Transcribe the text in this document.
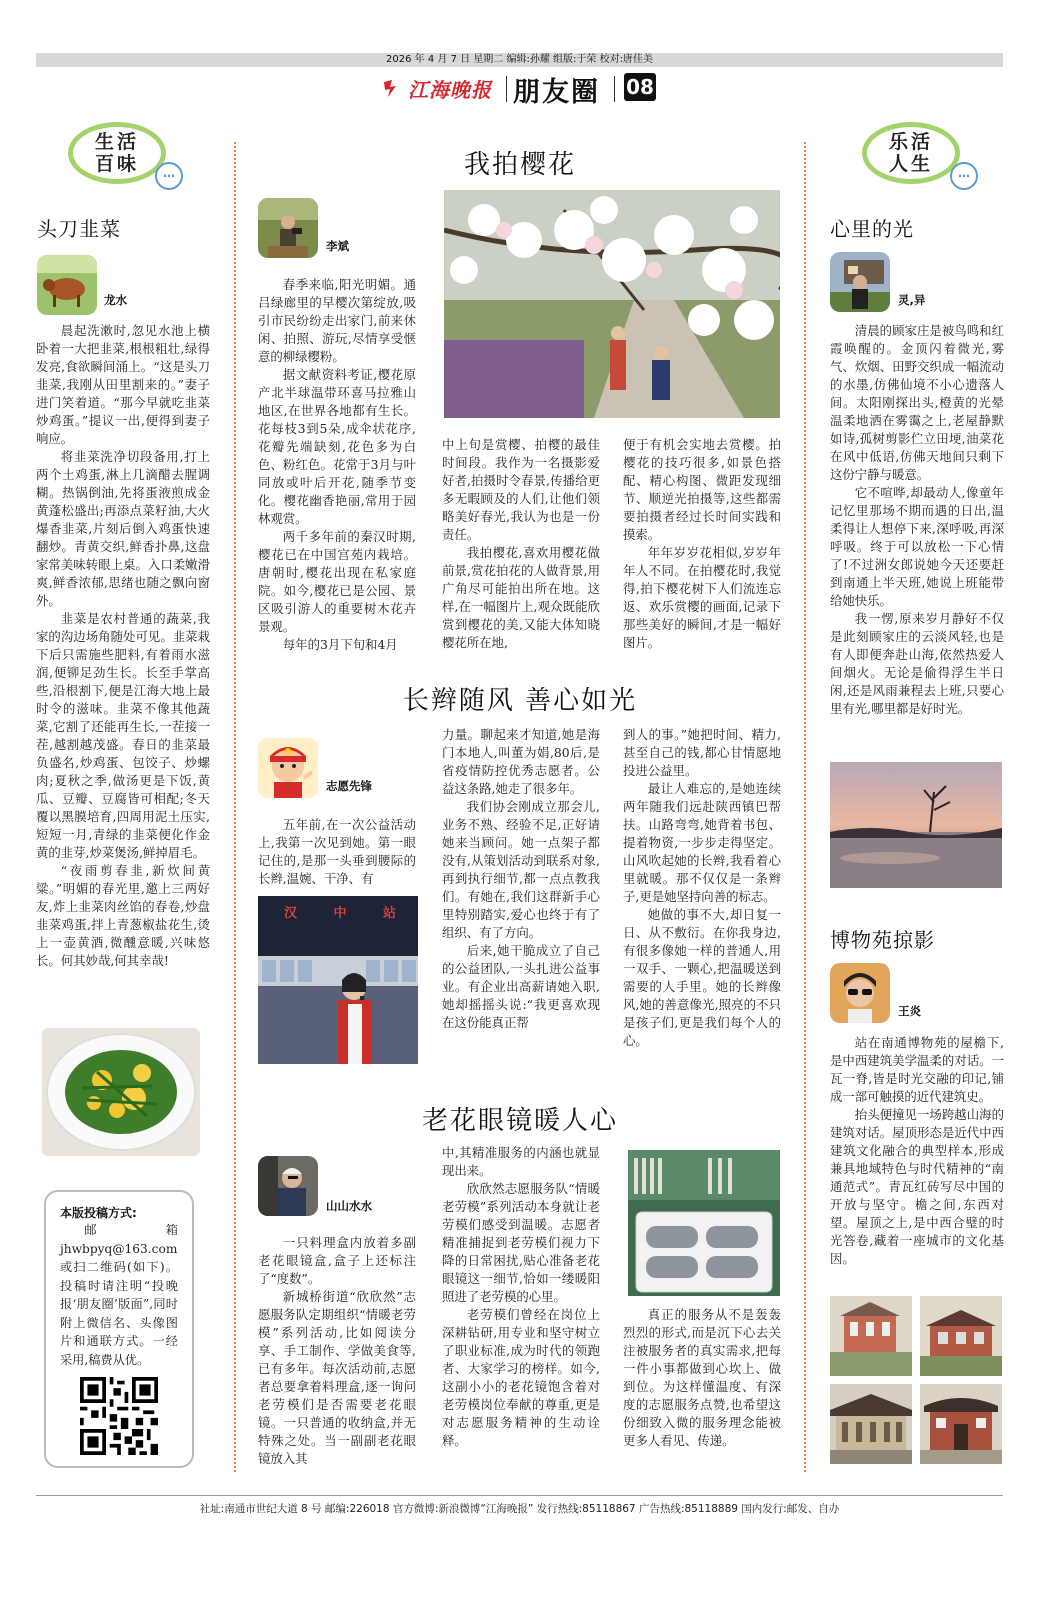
2026 年 4 月 7 日 星期二 编辑:孙耀 组版:于荣 校对:唐佳美
江海晚报 朋友圈 08
生活
百味	…
头刀韭菜
龙水

晨起洗漱时,忽见水池上横卧着一大把韭菜,根根粗壮,绿得发亮,食欲瞬间涌上。“这是头刀韭菜,我刚从田里割来的。”妻子进门笑着道。“那今早就吃韭菜炒鸡蛋。”提议一出,便得到妻子响应。

将韭菜洗净切段备用,打上两个土鸡蛋,淋上几滴醋去腥调糊。热锅倒油,先将蛋液煎成金黄蓬松盛出;再添点菜籽油,大火爆香韭菜,片刻后倒入鸡蛋快速翻炒。青黄交织,鲜香扑鼻,这盘家常美味转眼上桌。入口柔嫩滑爽,鲜香浓郁,思绪也随之飘向窗外。

韭菜是农村普通的蔬菜,我家的沟边场角随处可见。韭菜栽下后只需施些肥料,有着雨水滋润,便铆足劲生长。长至手掌高些,沿根割下,便是江海大地上最时令的滋味。韭菜不像其他蔬菜,它割了还能再生长,一茬接一茬,越割越茂盛。春日的韭菜最负盛名,炒鸡蛋、包饺子、炒螺肉;夏秋之季,做汤更是下饭,黄瓜、豆瓣、豆腐皆可相配;冬天覆以黑膜培育,四周用泥土压实,短短一月,青绿的韭菜便化作金黄的韭芽,炒菜煲汤,鲜掉眉毛。

“夜雨剪春韭,新炊间黄粱。”明媚的春光里,邀上三两好友,炸上韭菜肉丝馅的春卷,炒盘韭菜鸡蛋,拌上青葱椒盐花生,烫上一壶黄酒,微醺意暖,兴味悠长。何其妙哉,何其幸哉!

本版投稿方式:
邮箱 jhwbpyq@163.com 或扫二维码(如下)。投稿时请注明“投晚报‘朋友圈’版面”,同时附上微信名、头像图片和通联方式。一经采用,稿费从优。
我拍樱花
李斌

春季来临,阳光明媚。通吕绿廊里的早樱次第绽放,吸引市民纷纷走出家门,前来休闲、拍照、游玩,尽情享受惬意的柳绿樱粉。

据文献资料考证,樱花原产北半球温带环喜马拉雅山地区,在世界各地都有生长。花每枝3到5朵,成伞状花序,花瓣先端缺刻,花色多为白色、粉红色。花常于3月与叶同放或叶后开花,随季节变化。樱花幽香艳丽,常用于园林观赏。

两千多年前的秦汉时期,樱花已在中国宫苑内栽培。唐朝时,樱花出现在私家庭院。如今,樱花已是公园、景区吸引游人的重要树木花卉景观。

每年的3月下旬和4月

中上旬是赏樱、拍樱的最佳时间段。我作为一名摄影爱好者,拍摄时令春景,传播给更多无暇顾及的人们,让他们领略美好春光,我认为也是一份责任。

我拍樱花,喜欢用樱花做前景,赏花拍花的人做背景,用广角尽可能拍出所在地。这样,在一幅图片上,观众既能欣赏到樱花的美,又能大体知晓樱花所在地,

便于有机会实地去赏樱。拍樱花的技巧很多,如景色搭配、精心构图、微距发现细节、顺逆光拍摄等,这些都需要拍摄者经过长时间实践和摸索。

年年岁岁花相似,岁岁年年人不同。在拍樱花时,我觉得,拍下樱花树下人们流连忘返、欢乐赏樱的画面,记录下那些美好的瞬间,才是一幅好图片。

长辫随风 善心如光
志愿先锋

五年前,在一次公益活动上,我第一次见到她。第一眼记住的,是那一头垂到腰际的长辫,温婉、干净、有

汉 中 站

力量。聊起来才知道,她是海门本地人,叫董为娟,80后,是省疫情防控优秀志愿者。公益这条路,她走了很多年。

我们协会刚成立那会儿,业务不熟、经验不足,正好请她来当顾问。她一点架子都没有,从策划活动到联系对象,再到执行细节,都一点点教我们。有她在,我们这群新手心里特别踏实,爱心也终于有了组织、有了方向。

后来,她干脆成立了自己的公益团队,一头扎进公益事业。有企业出高薪请她入职,她却摇摇头说:“我更喜欢现在这份能真正帮

到人的事。”她把时间、精力,甚至自己的钱,都心甘情愿地投进公益里。

最让人难忘的,是她连续两年随我们远赴陕西镇巴帮扶。山路弯弯,她背着书包、提着物资,一步步走得坚定。山风吹起她的长辫,我看着心里就暖。那不仅仅是一条辫子,更是她坚持向善的标志。

她做的事不大,却日复一日、从不敷衍。在你我身边,有很多像她一样的普通人,用一双手、一颗心,把温暖送到需要的人手里。她的长辫像风,她的善意像光,照亮的不只是孩子们,更是我们每个人的心。

老花眼镜暖人心
山山水水

一只料理盒内放着多副老花眼镜盒,盒子上还标注了“度数”。

新城桥街道“欣欣然”志愿服务队定期组织“情暖老劳模”系列活动,比如阅读分享、手工制作、学做美食等,已有多年。每次活动前,志愿者总要拿着料理盒,逐一询问老劳模们是否需要老花眼镜。一只普通的收纳盒,并无特殊之处。当一副副老花眼镜放入其

中,其精准服务的内涵也就显现出来。

欣欣然志愿服务队“情暖老劳模”系列活动本身就让老劳模们感受到温暖。志愿者精准捕捉到老劳模们视力下降的日常困扰,贴心准备老花眼镜这一细节,恰如一缕暖阳照进了老劳模的心里。

老劳模们曾经在岗位上深耕钻研,用专业和坚守树立了职业标准,成为时代的领跑者、大家学习的榜样。如今,这副小小的老花镜饱含着对老劳模岗位奉献的尊重,更是对志愿服务精神的生动诠释。

真正的服务从不是轰轰烈烈的形式,而是沉下心去关注被服务者的真实需求,把每一件小事都做到心坎上、做到位。为这样懂温度、有深度的志愿服务点赞,也希望这份细致入微的服务理念能被更多人看见、传递。

乐活
人生	…
心里的光
灵,异

清晨的顾家庄是被鸟鸣和红霞唤醒的。金顶闪着微光,雾气、炊烟、田野交织成一幅流动的水墨,仿佛仙境不小心遗落人间。太阳刚探出头,橙黄的光晕温柔地洒在雾霭之上,老屋静默如诗,孤树剪影伫立田埂,油菜花在风中低语,仿佛天地间只剩下这份宁静与暖意。

它不喧哗,却最动人,像童年记忆里那场不期而遇的日出,温柔得让人想停下来,深呼吸,再深呼吸。终于可以放松一下心情了!不过洲女郎说她今天还要赶到南通上半天班,她说上班能带给她快乐。

我一愣,原来岁月静好不仅是此刻顾家庄的云淡风轻,也是有人即便奔赴山海,依然热爱人间烟火。无论是偷得浮生半日闲,还是风雨兼程去上班,只要心里有光,哪里都是好时光。

博物苑掠影
王炎

站在南通博物苑的屋檐下,是中西建筑美学温柔的对话。一瓦一脊,皆是时光交融的印记,铺成一部可触摸的近代建筑史。

抬头便撞见一场跨越山海的建筑对话。屋顶形态是近代中西建筑文化融合的典型样本,形成兼具地域特色与时代精神的“南通范式”。青瓦红砖写尽中国的开放与坚守。檐之间,东西对望。屋顶之上,是中西合璧的时光答卷,藏着一座城市的文化基因。

社址:南通市世纪大道 8 号 邮编:226018 官方微博:新浪微博“江海晚报” 发行热线:85118867 广告热线:85118889 国内发行:邮发、自办
